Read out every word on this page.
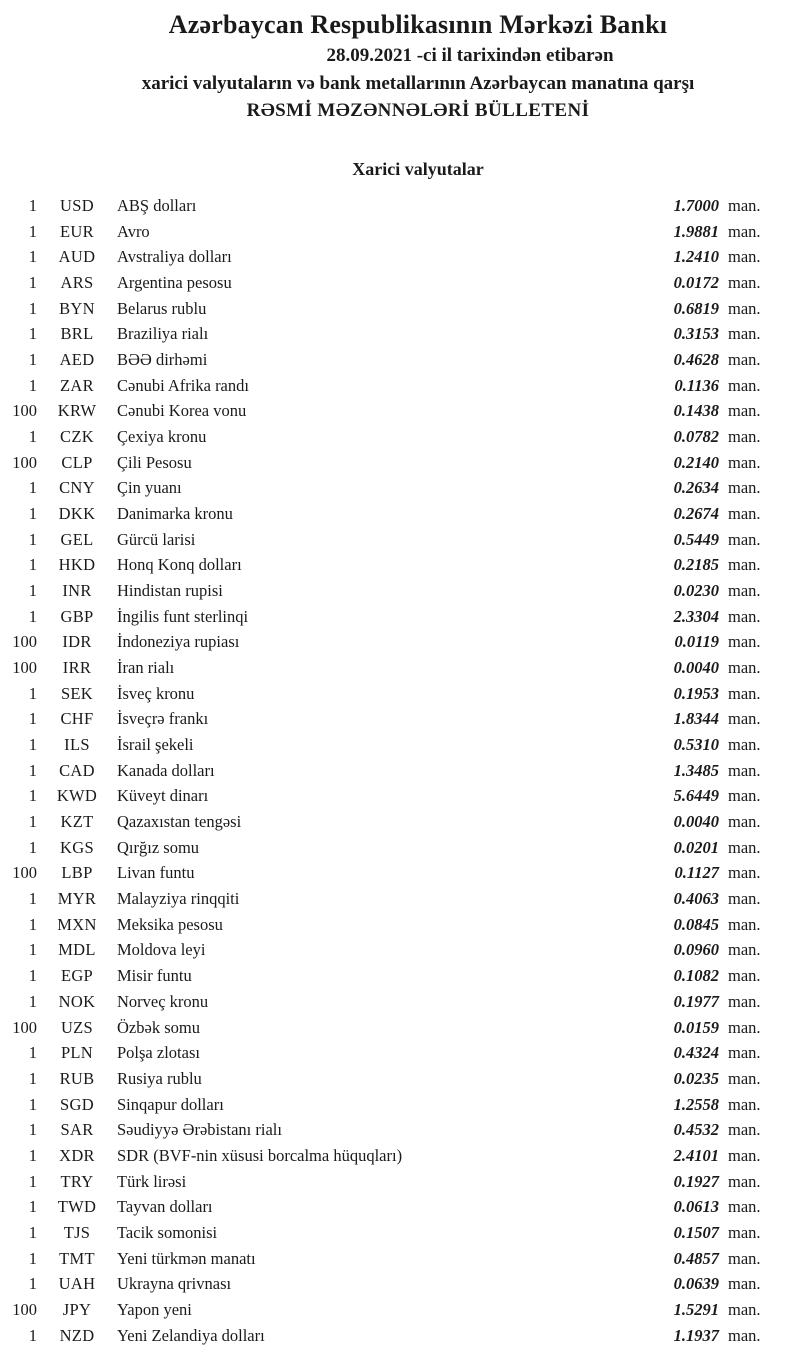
Azərbaycan Respublikasının Mərkəzi Bankı
28.09.2021 -ci il tarixindən etibarən
xarici valyutaların və bank metallarının Azərbaycan manatına qarşı
RƏSMİ MƏZƏNNƏLƏRİ BÜLLETENİ
Xarici valyutalar
1	USD	ABŞ dolları	1.7000 man.
1	EUR	Avro	1.9881 man.
1	AUD	Avstraliya dolları	1.2410 man.
1	ARS	Argentina pesosu	0.0172 man.
1	BYN	Belarus rublu	0.6819 man.
1	BRL	Braziliya rialı	0.3153 man.
1	AED	BƏƏ dirhəmi	0.4628 man.
1	ZAR	Cənubi Afrika randı	0.1136 man.
100	KRW	Cənubi Korea vonu	0.1438 man.
1	CZK	Çexiya kronu	0.0782 man.
100	CLP	Çili Pesosu	0.2140 man.
1	CNY	Çin yuanı	0.2634 man.
1	DKK	Danimarka kronu	0.2674 man.
1	GEL	Gürcü larisi	0.5449 man.
1	HKD	Honq Konq dolları	0.2185 man.
1	INR	Hindistan rupisi	0.0230 man.
1	GBP	İngilis funt sterlinqi	2.3304 man.
100	IDR	İndoneziya rupiası	0.0119 man.
100	IRR	İran rialı	0.0040 man.
1	SEK	İsveç kronu	0.1953 man.
1	CHF	İsveçrə frankı	1.8344 man.
1	ILS	İsrail şekeli	0.5310 man.
1	CAD	Kanada dolları	1.3485 man.
1	KWD	Küveyt dinarı	5.6449 man.
1	KZT	Qazaxıstan tengəsi	0.0040 man.
1	KGS	Qırğız somu	0.0201 man.
100	LBP	Livan funtu	0.1127 man.
1	MYR	Malayziya rinqqiti	0.4063 man.
1	MXN	Meksika pesosu	0.0845 man.
1	MDL	Moldova leyi	0.0960 man.
1	EGP	Misir funtu	0.1082 man.
1	NOK	Norveç kronu	0.1977 man.
100	UZS	Özbək somu	0.0159 man.
1	PLN	Polşa zlotası	0.4324 man.
1	RUB	Rusiya rublu	0.0235 man.
1	SGD	Sinqapur dolları	1.2558 man.
1	SAR	Səudiyyə Ərəbistanı rialı	0.4532 man.
1	XDR	SDR (BVF-nin xüsusi borcalma hüquqları)	2.4101 man.
1	TRY	Türk lirəsi	0.1927 man.
1	TWD	Tayvan dolları	0.0613 man.
1	TJS	Tacik somonisi	0.1507 man.
1	TMT	Yeni türkmən manatı	0.4857 man.
1	UAH	Ukrayna qrivnası	0.0639 man.
100	JPY	Yapon yeni	1.5291 man.
1	NZD	Yeni Zelandiya dolları	1.1937 man.
